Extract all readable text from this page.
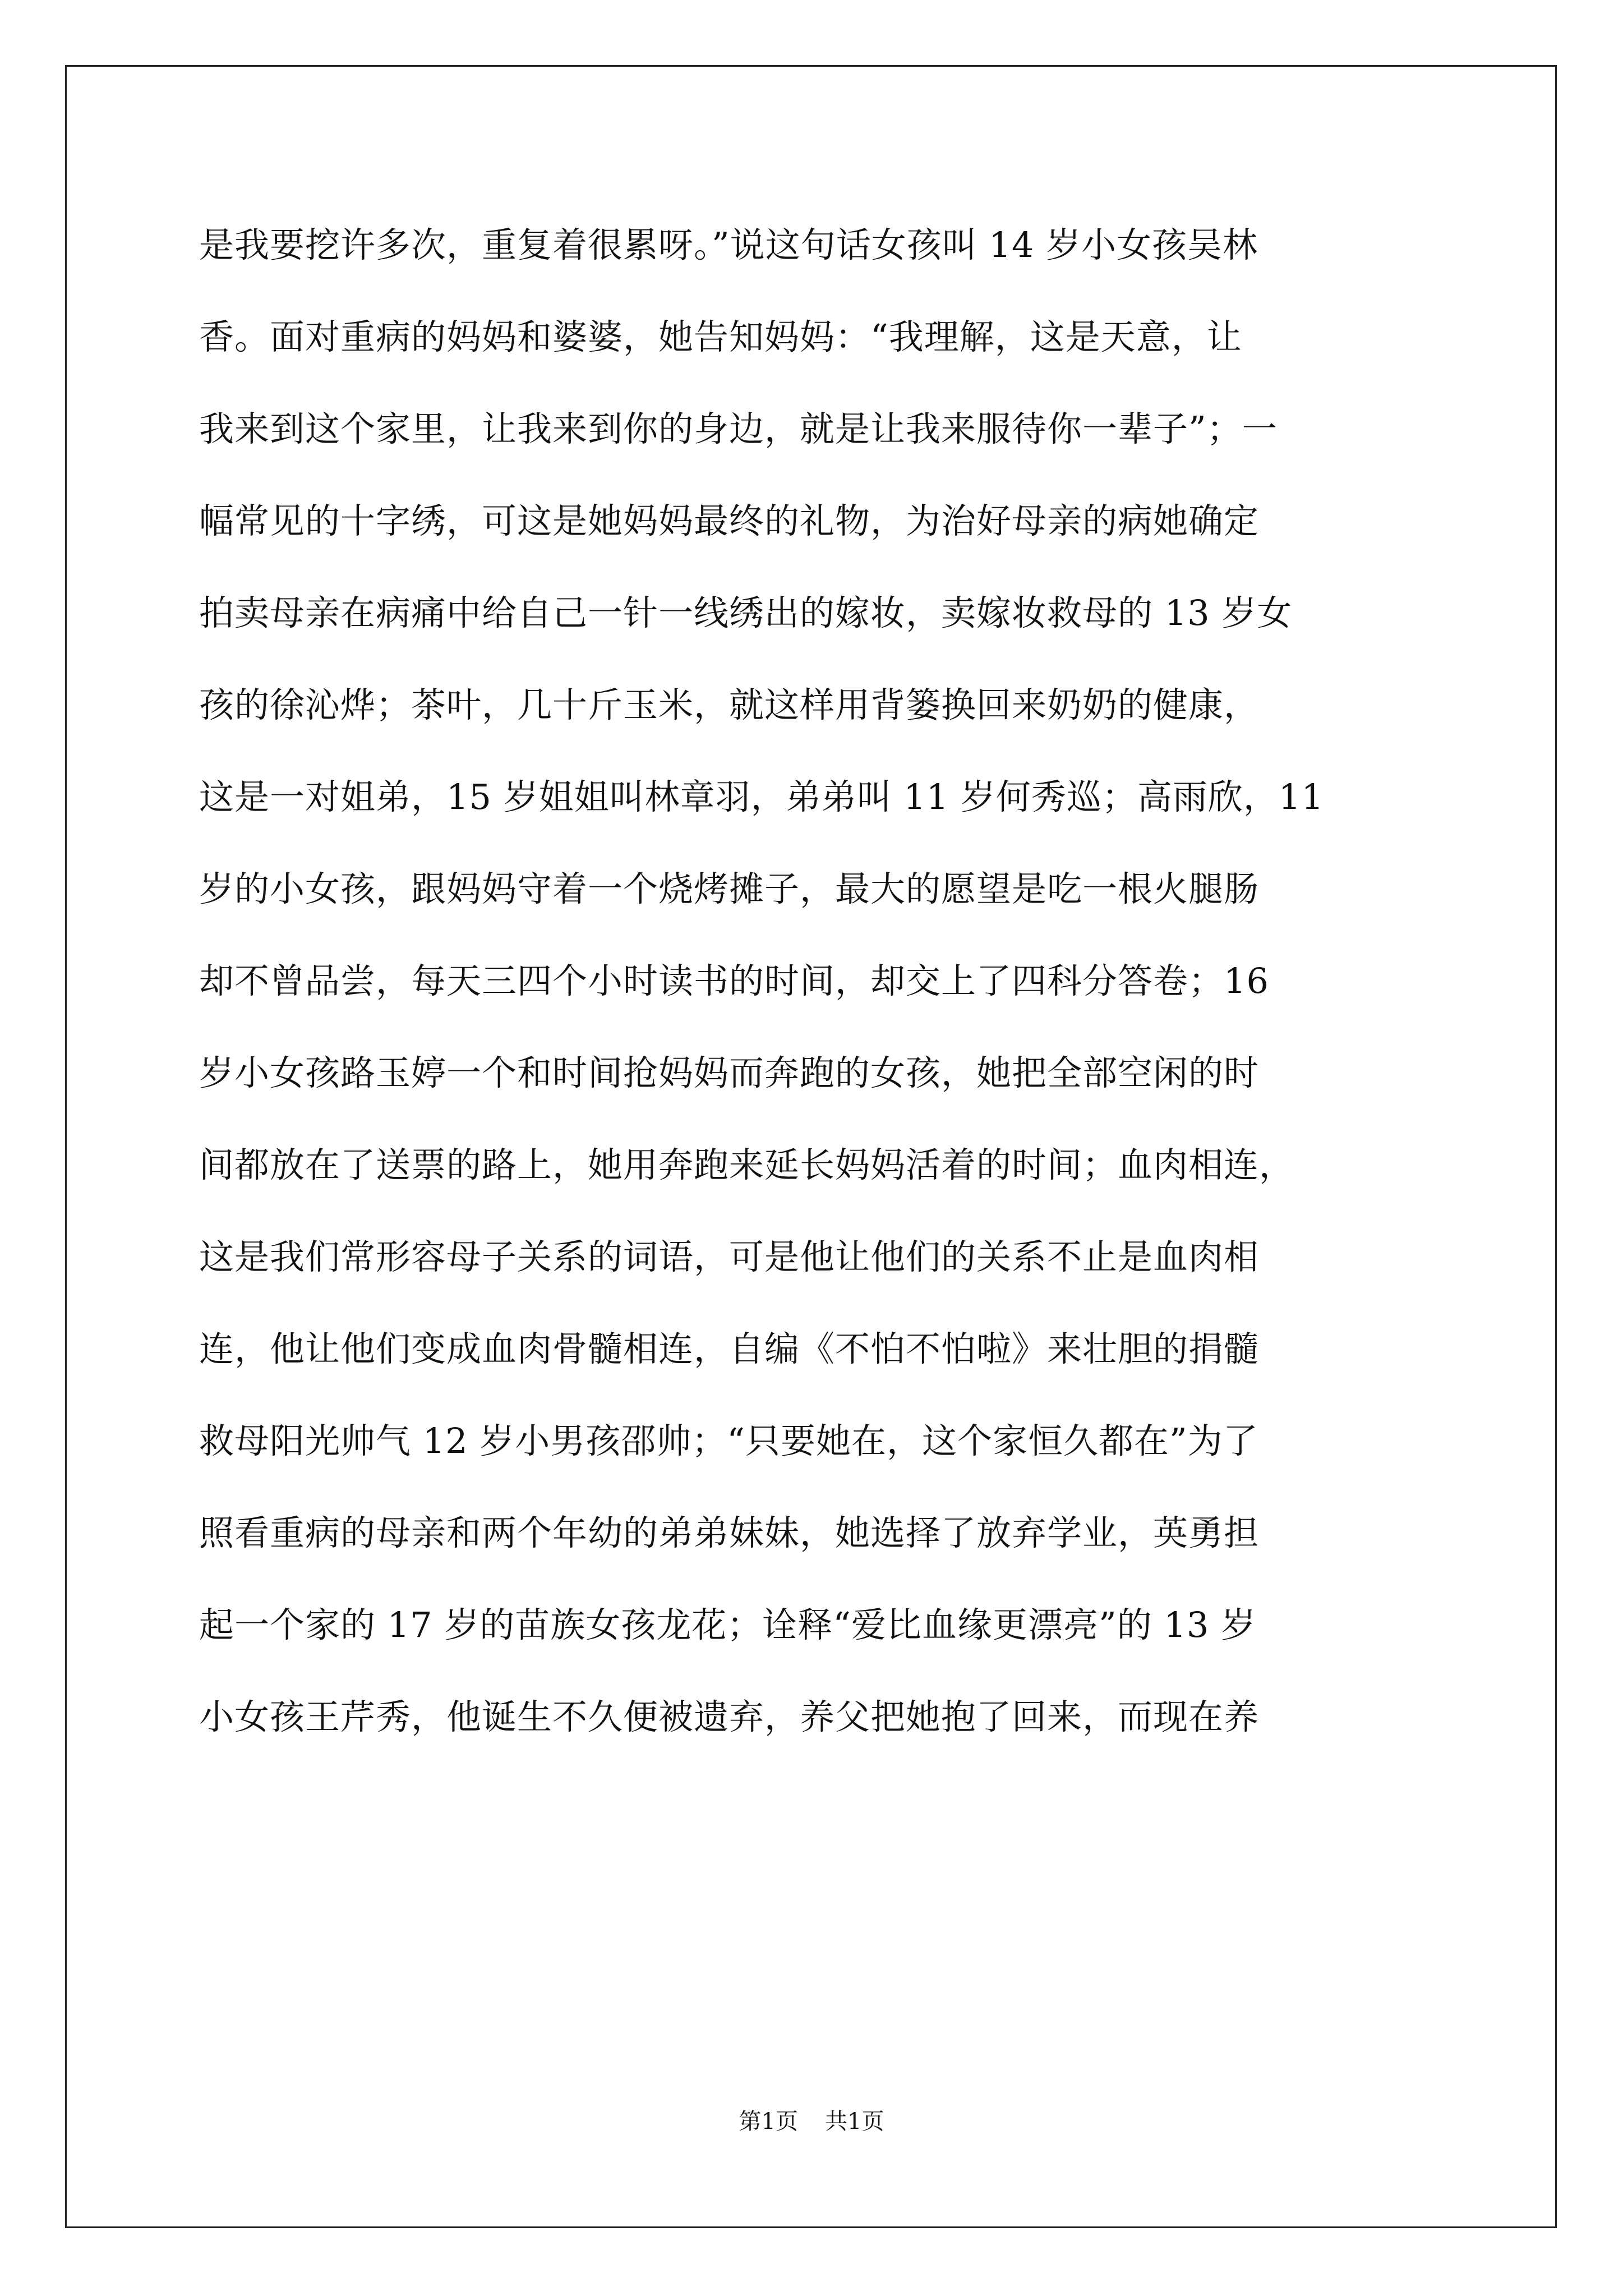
是我要挖许多次，重复着很累呀。”说这句话女孩叫 14 岁小女孩吴林
香。面对重病的妈妈和婆婆，她告知妈妈：“我理解，这是天意，让
我来到这个家里，让我来到你的身边，就是让我来服待你一辈子”；一
幅常见的十字绣，可这是她妈妈最终的礼物，为治好母亲的病她确定
拍卖母亲在病痛中给自己一针一线绣出的嫁妆，卖嫁妆救母的 13 岁女
孩的徐沁烨；茶叶，几十斤玉米，就这样用背篓换回来奶奶的健康，
这是一对姐弟，15 岁姐姐叫林章羽，弟弟叫 11 岁何秀巡；高雨欣，11
岁的小女孩，跟妈妈守着一个烧烤摊子，最大的愿望是吃一根火腿肠
却不曾品尝，每天三四个小时读书的时间，却交上了四科分答卷；16
岁小女孩路玉婷一个和时间抢妈妈而奔跑的女孩，她把全部空闲的时
间都放在了送票的路上，她用奔跑来延长妈妈活着的时间；血肉相连，
这是我们常形容母子关系的词语，可是他让他们的关系不止是血肉相
连，他让他们变成血肉骨髓相连，自编《不怕不怕啦》来壮胆的捐髓
救母阳光帅气 12 岁小男孩邵帅；“只要她在，这个家恒久都在”为了
照看重病的母亲和两个年幼的弟弟妹妹，她选择了放弃学业，英勇担
起一个家的 17 岁的苗族女孩龙花；诠释“爱比血缘更漂亮”的 13 岁
小女孩王芹秀，他诞生不久便被遗弃，养父把她抱了回来，而现在养
第1页 共1页
